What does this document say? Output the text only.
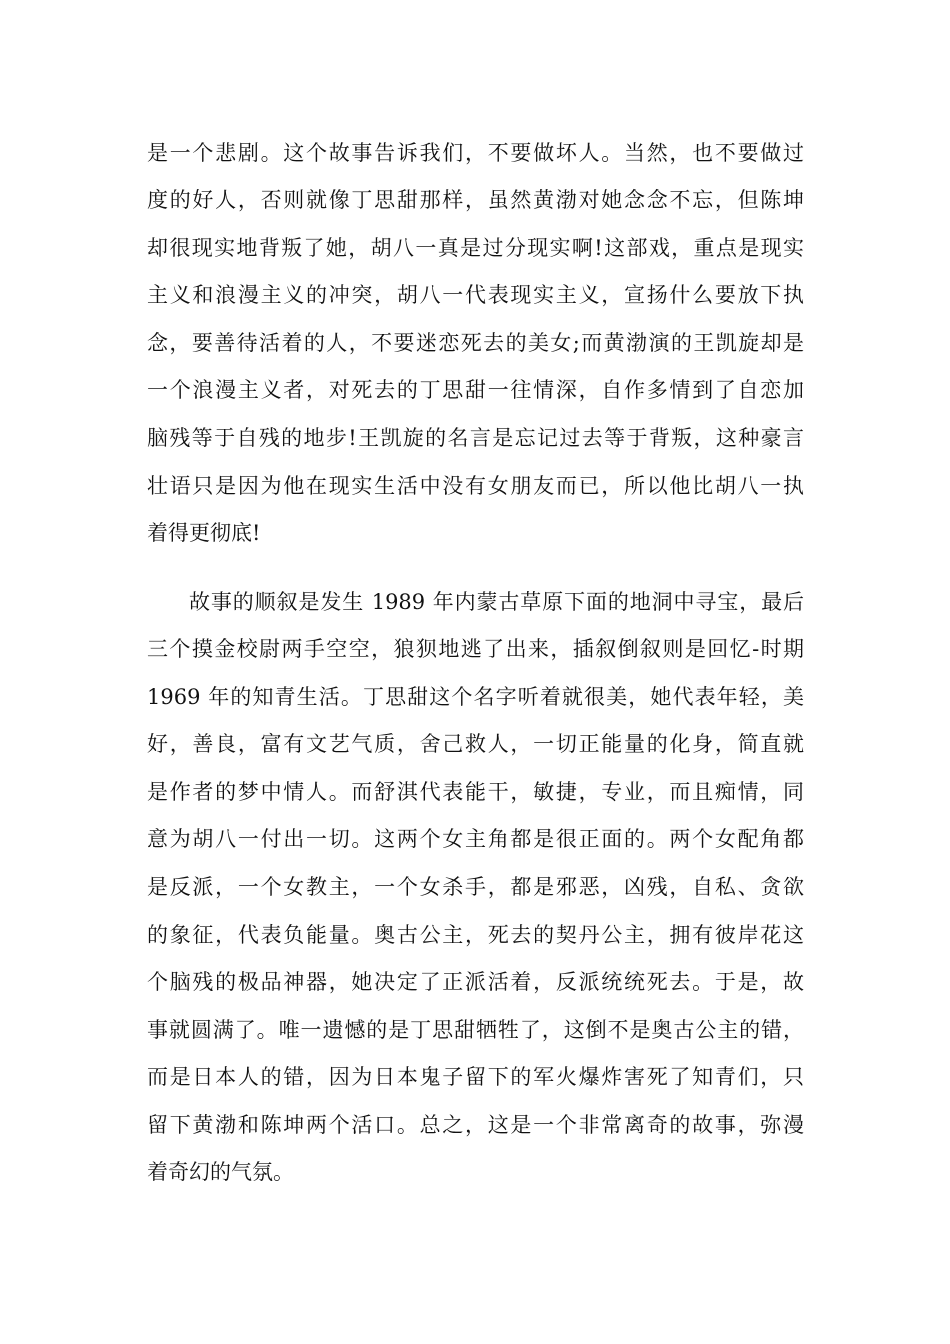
是一个悲剧。这个故事告诉我们，不要做坏人。当然，也不要做过
度的好人，否则就像丁思甜那样，虽然黄渤对她念念不忘，但陈坤
却很现实地背叛了她，胡八一真是过分现实啊!这部戏，重点是现实
主义和浪漫主义的冲突，胡八一代表现实主义，宣扬什么要放下执
念，要善待活着的人，不要迷恋死去的美女;而黄渤演的王凯旋却是
一个浪漫主义者，对死去的丁思甜一往情深，自作多情到了自恋加
脑残等于自残的地步!王凯旋的名言是忘记过去等于背叛，这种豪言
壮语只是因为他在现实生活中没有女朋友而已，所以他比胡八一执
着得更彻底!
故事的顺叙是发生 1989 年内蒙古草原下面的地洞中寻宝，最后
三个摸金校尉两手空空，狼狈地逃了出来，插叙倒叙则是回忆-时期
1969 年的知青生活。丁思甜这个名字听着就很美，她代表年轻，美
好，善良，富有文艺气质，舍己救人，一切正能量的化身，简直就
是作者的梦中情人。而舒淇代表能干，敏捷，专业，而且痴情，同
意为胡八一付出一切。这两个女主角都是很正面的。两个女配角都
是反派，一个女教主，一个女杀手，都是邪恶，凶残，自私、贪欲
的象征，代表负能量。奥古公主，死去的契丹公主，拥有彼岸花这
个脑残的极品神器，她决定了正派活着，反派统统死去。于是，故
事就圆满了。唯一遗憾的是丁思甜牺牲了，这倒不是奥古公主的错，
而是日本人的错，因为日本鬼子留下的军火爆炸害死了知青们，只
留下黄渤和陈坤两个活口。总之，这是一个非常离奇的故事，弥漫
着奇幻的气氛。
